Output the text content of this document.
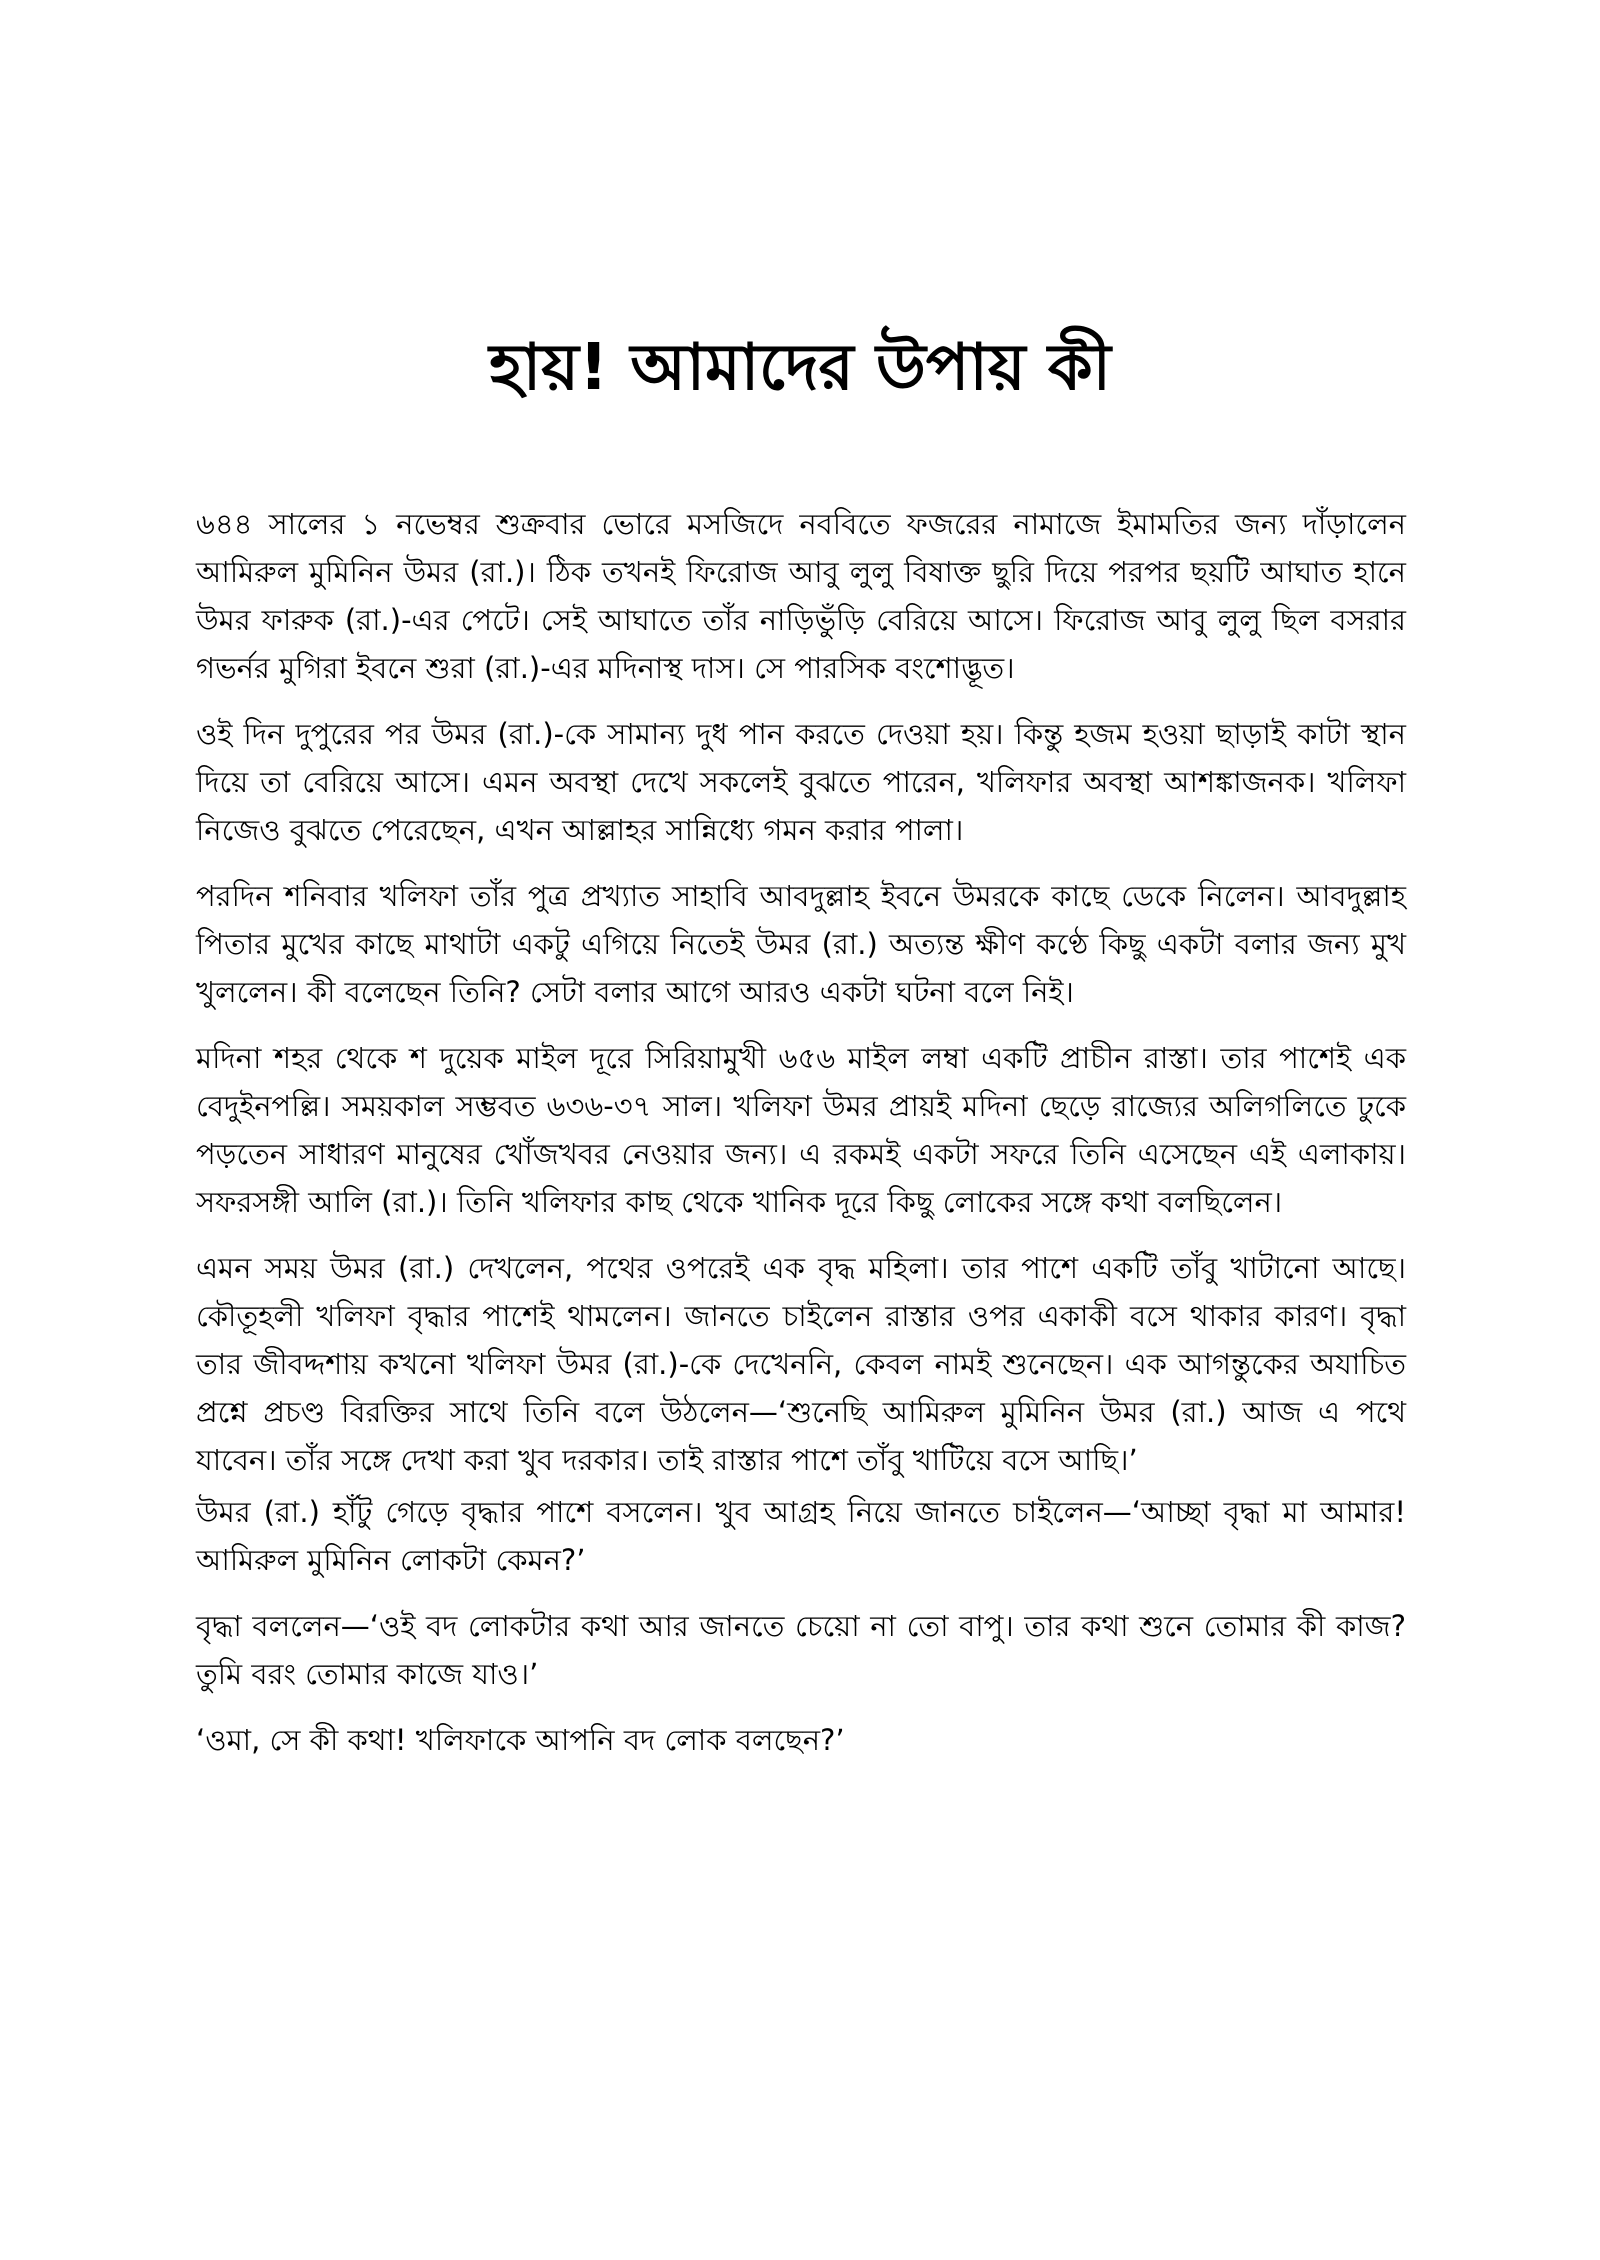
হায়! আমাদের উপায় কী

৬৪৪ সালের ১ নভেম্বর শুক্রবার ভোরে মসজিদে নববিতে ফজরের নামাজে ইমামতির জন্য দাঁড়ালেন আমিরুল মুমিনিন উমর (রা.)। ঠিক তখনই ফিরোজ আবু লুলু বিষাক্ত ছুরি দিয়ে পরপর ছয়টি আঘাত হানে উমর ফারুক (রা.)-এর পেটে। সেই আঘাতে তাঁর নাড়িভুঁড়ি বেরিয়ে আসে। ফিরোজ আবু লুলু ছিল বসরার গভর্নর মুগিরা ইবনে শুরা (রা.)-এর মদিনাস্থ দাস। সে পারসিক বংশোদ্ভূত।

ওই দিন দুপুরের পর উমর (রা.)-কে সামান্য দুধ পান করতে দেওয়া হয়। কিন্তু হজম হওয়া ছাড়াই কাটা স্থান দিয়ে তা বেরিয়ে আসে। এমন অবস্থা দেখে সকলেই বুঝতে পারেন, খলিফার অবস্থা আশঙ্কাজনক। খলিফা নিজেও বুঝতে পেরেছেন, এখন আল্লাহর সান্নিধ্যে গমন করার পালা।

পরদিন শনিবার খলিফা তাঁর পুত্র প্রখ্যাত সাহাবি আবদুল্লাহ ইবনে উমরকে কাছে ডেকে নিলেন। আবদুল্লাহ পিতার মুখের কাছে মাথাটা একটু এগিয়ে নিতেই উমর (রা.) অত্যন্ত ক্ষীণ কণ্ঠে কিছু একটা বলার জন্য মুখ খুললেন। কী বলেছেন তিনি? সেটা বলার আগে আরও একটা ঘটনা বলে নিই।

মদিনা শহর থেকে শ দুয়েক মাইল দূরে সিরিয়ামুখী ৬৫৬ মাইল লম্বা একটি প্রাচীন রাস্তা। তার পাশেই এক বেদুইনপল্লি। সময়কাল সম্ভবত ৬৩৬-৩৭ সাল। খলিফা উমর প্রায়ই মদিনা ছেড়ে রাজ্যের অলিগলিতে ঢুকে পড়তেন সাধারণ মানুষের খোঁজখবর নেওয়ার জন্য। এ রকমই একটা সফরে তিনি এসেছেন এই এলাকায়। সফরসঙ্গী আলি (রা.)। তিনি খলিফার কাছ থেকে খানিক দূরে কিছু লোকের সঙ্গে কথা বলছিলেন।

এমন সময় উমর (রা.) দেখলেন, পথের ওপরেই এক বৃদ্ধ মহিলা। তার পাশে একটি তাঁবু খাটানো আছে। কৌতূহলী খলিফা বৃদ্ধার পাশেই থামলেন। জানতে চাইলেন রাস্তার ওপর একাকী বসে থাকার কারণ। বৃদ্ধা তার জীবদ্দশায় কখনো খলিফা উমর (রা.)-কে দেখেননি, কেবল নামই শুনেছেন। এক আগন্তুকের অযাচিত প্রশ্নে প্রচণ্ড বিরক্তির সাথে তিনি বলে উঠলেন—‘শুনেছি আমিরুল মুমিনিন উমর (রা.) আজ এ পথে যাবেন। তাঁর সঙ্গে দেখা করা খুব দরকার। তাই রাস্তার পাশে তাঁবু খাটিয়ে বসে আছি।’

উমর (রা.) হাঁটু গেড়ে বৃদ্ধার পাশে বসলেন। খুব আগ্রহ নিয়ে জানতে চাইলেন—‘আচ্ছা বৃদ্ধা মা আমার! আমিরুল মুমিনিন লোকটা কেমন?’

বৃদ্ধা বললেন—‘ওই বদ লোকটার কথা আর জানতে চেয়ো না তো বাপু। তার কথা শুনে তোমার কী কাজ? তুমি বরং তোমার কাজে যাও।’

‘ওমা, সে কী কথা! খলিফাকে আপনি বদ লোক বলছেন?’
